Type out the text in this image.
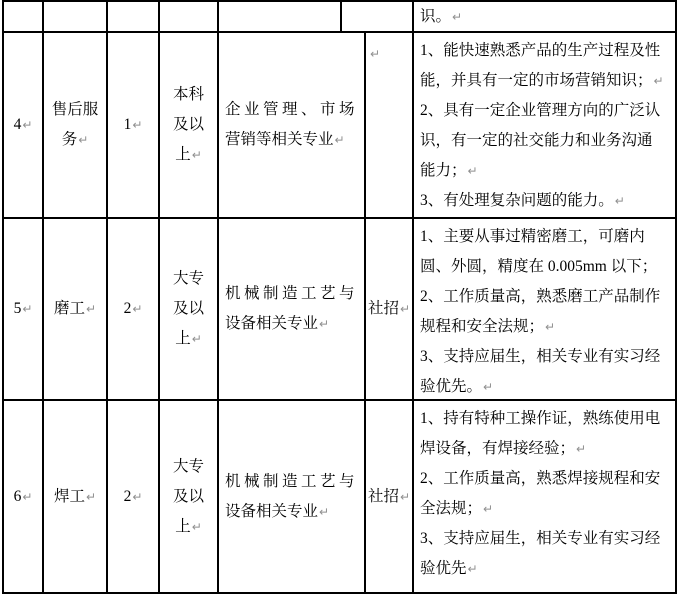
识。 ↵
4 ↵
售后服
务↵
1 ↵
本科
及以
上↵
企业管理、市场
营销等相关专业↵
↵	1、能快速熟悉产品的生产过程及性
能，并具有一定的市场营销知识；↵
2、具有一定企业管理方向的广泛认
识，有一定的社交能力和业务沟通
能力；↵
3、有处理复杂问题的能力。↵
5 ↵ 磨工 ↵ 2 ↵
大专
及以
上↵
机械制造工艺与
设备相关专业↵
社招 ↵
1、主要从事过精密磨工，可磨内
圆、外圆，精度在 0.005mm 以下；
2、工作质量高，熟悉磨工产品制作
规程和安全法规；↵
3、支持应届生，相关专业有实习经
验优先。↵
6 ↵ 焊工 ↵ 2 ↵
大专
及以
上↵
机械制造工艺与
设备相关专业↵
社招 ↵
1、持有特种工操作证，熟练使用电
焊设备，有焊接经验；↵
2、工作质量高，熟悉焊接规程和安
全法规；↵
3、支持应届生，相关专业有实习经
验优先↵
